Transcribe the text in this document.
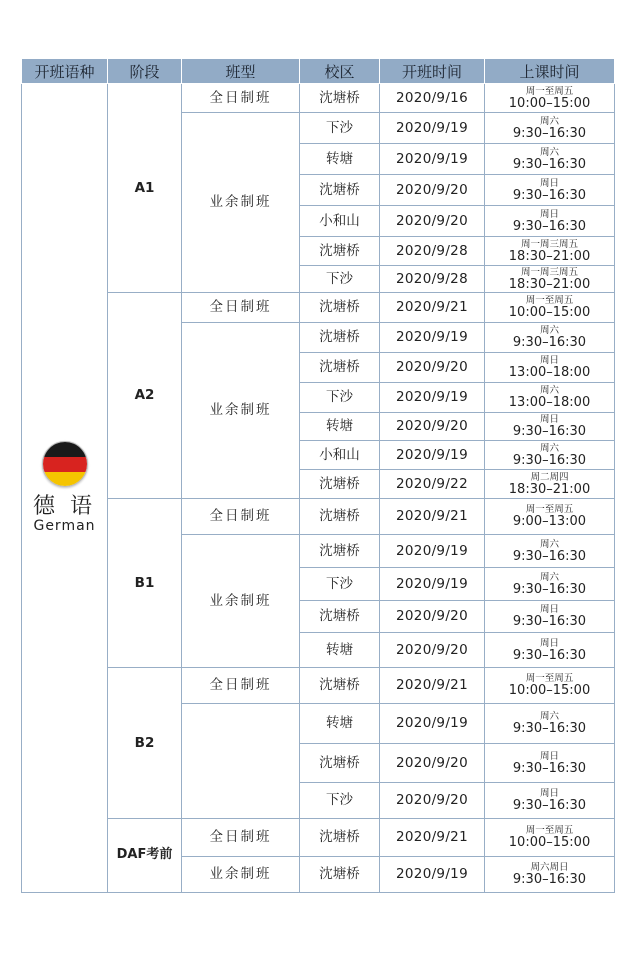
开班语种	阶段	班型	校区	开班时间	上课时间

德 语
German	A1	全日制班	沈塘桥	2020/9/16	周一至周五
10:00–15:00

		业余制班	下沙	2020/9/19	周六
9:30–16:30

			转塘	2020/9/19	周六
9:30–16:30

			沈塘桥	2020/9/20	周日
9:30–16:30

			小和山	2020/9/20	周日
9:30–16:30

			沈塘桥	2020/9/28	周一周三周五
18:30–21:00

			下沙	2020/9/28	周一周三周五
18:30–21:00

	A2	全日制班	沈塘桥	2020/9/21	周一至周五
10:00–15:00

		业余制班	沈塘桥	2020/9/19	周六
9:30–16:30

			沈塘桥	2020/9/20	周日
13:00–18:00

			下沙	2020/9/19	周六
13:00–18:00

			转塘	2020/9/20	周日
9:30–16:30

			小和山	2020/9/19	周六
9:30–16:30

			沈塘桥	2020/9/22	周二周四
18:30–21:00

	B1	全日制班	沈塘桥	2020/9/21	周一至周五
9:00–13:00

		业余制班	沈塘桥	2020/9/19	周六
9:30–16:30

			下沙	2020/9/19	周六
9:30–16:30

			沈塘桥	2020/9/20	周日
9:30–16:30

			转塘	2020/9/20	周日
9:30–16:30

	B2	全日制班	沈塘桥	2020/9/21	周一至周五
10:00–15:00

			转塘	2020/9/19	周六
9:30–16:30

			沈塘桥	2020/9/20	周日
9:30–16:30

			下沙	2020/9/20	周日
9:30–16:30

	DAF考前	全日制班	沈塘桥	2020/9/21	周一至周五
10:00–15:00

		业余制班	沈塘桥	2020/9/19	周六周日
9:30–16:30
